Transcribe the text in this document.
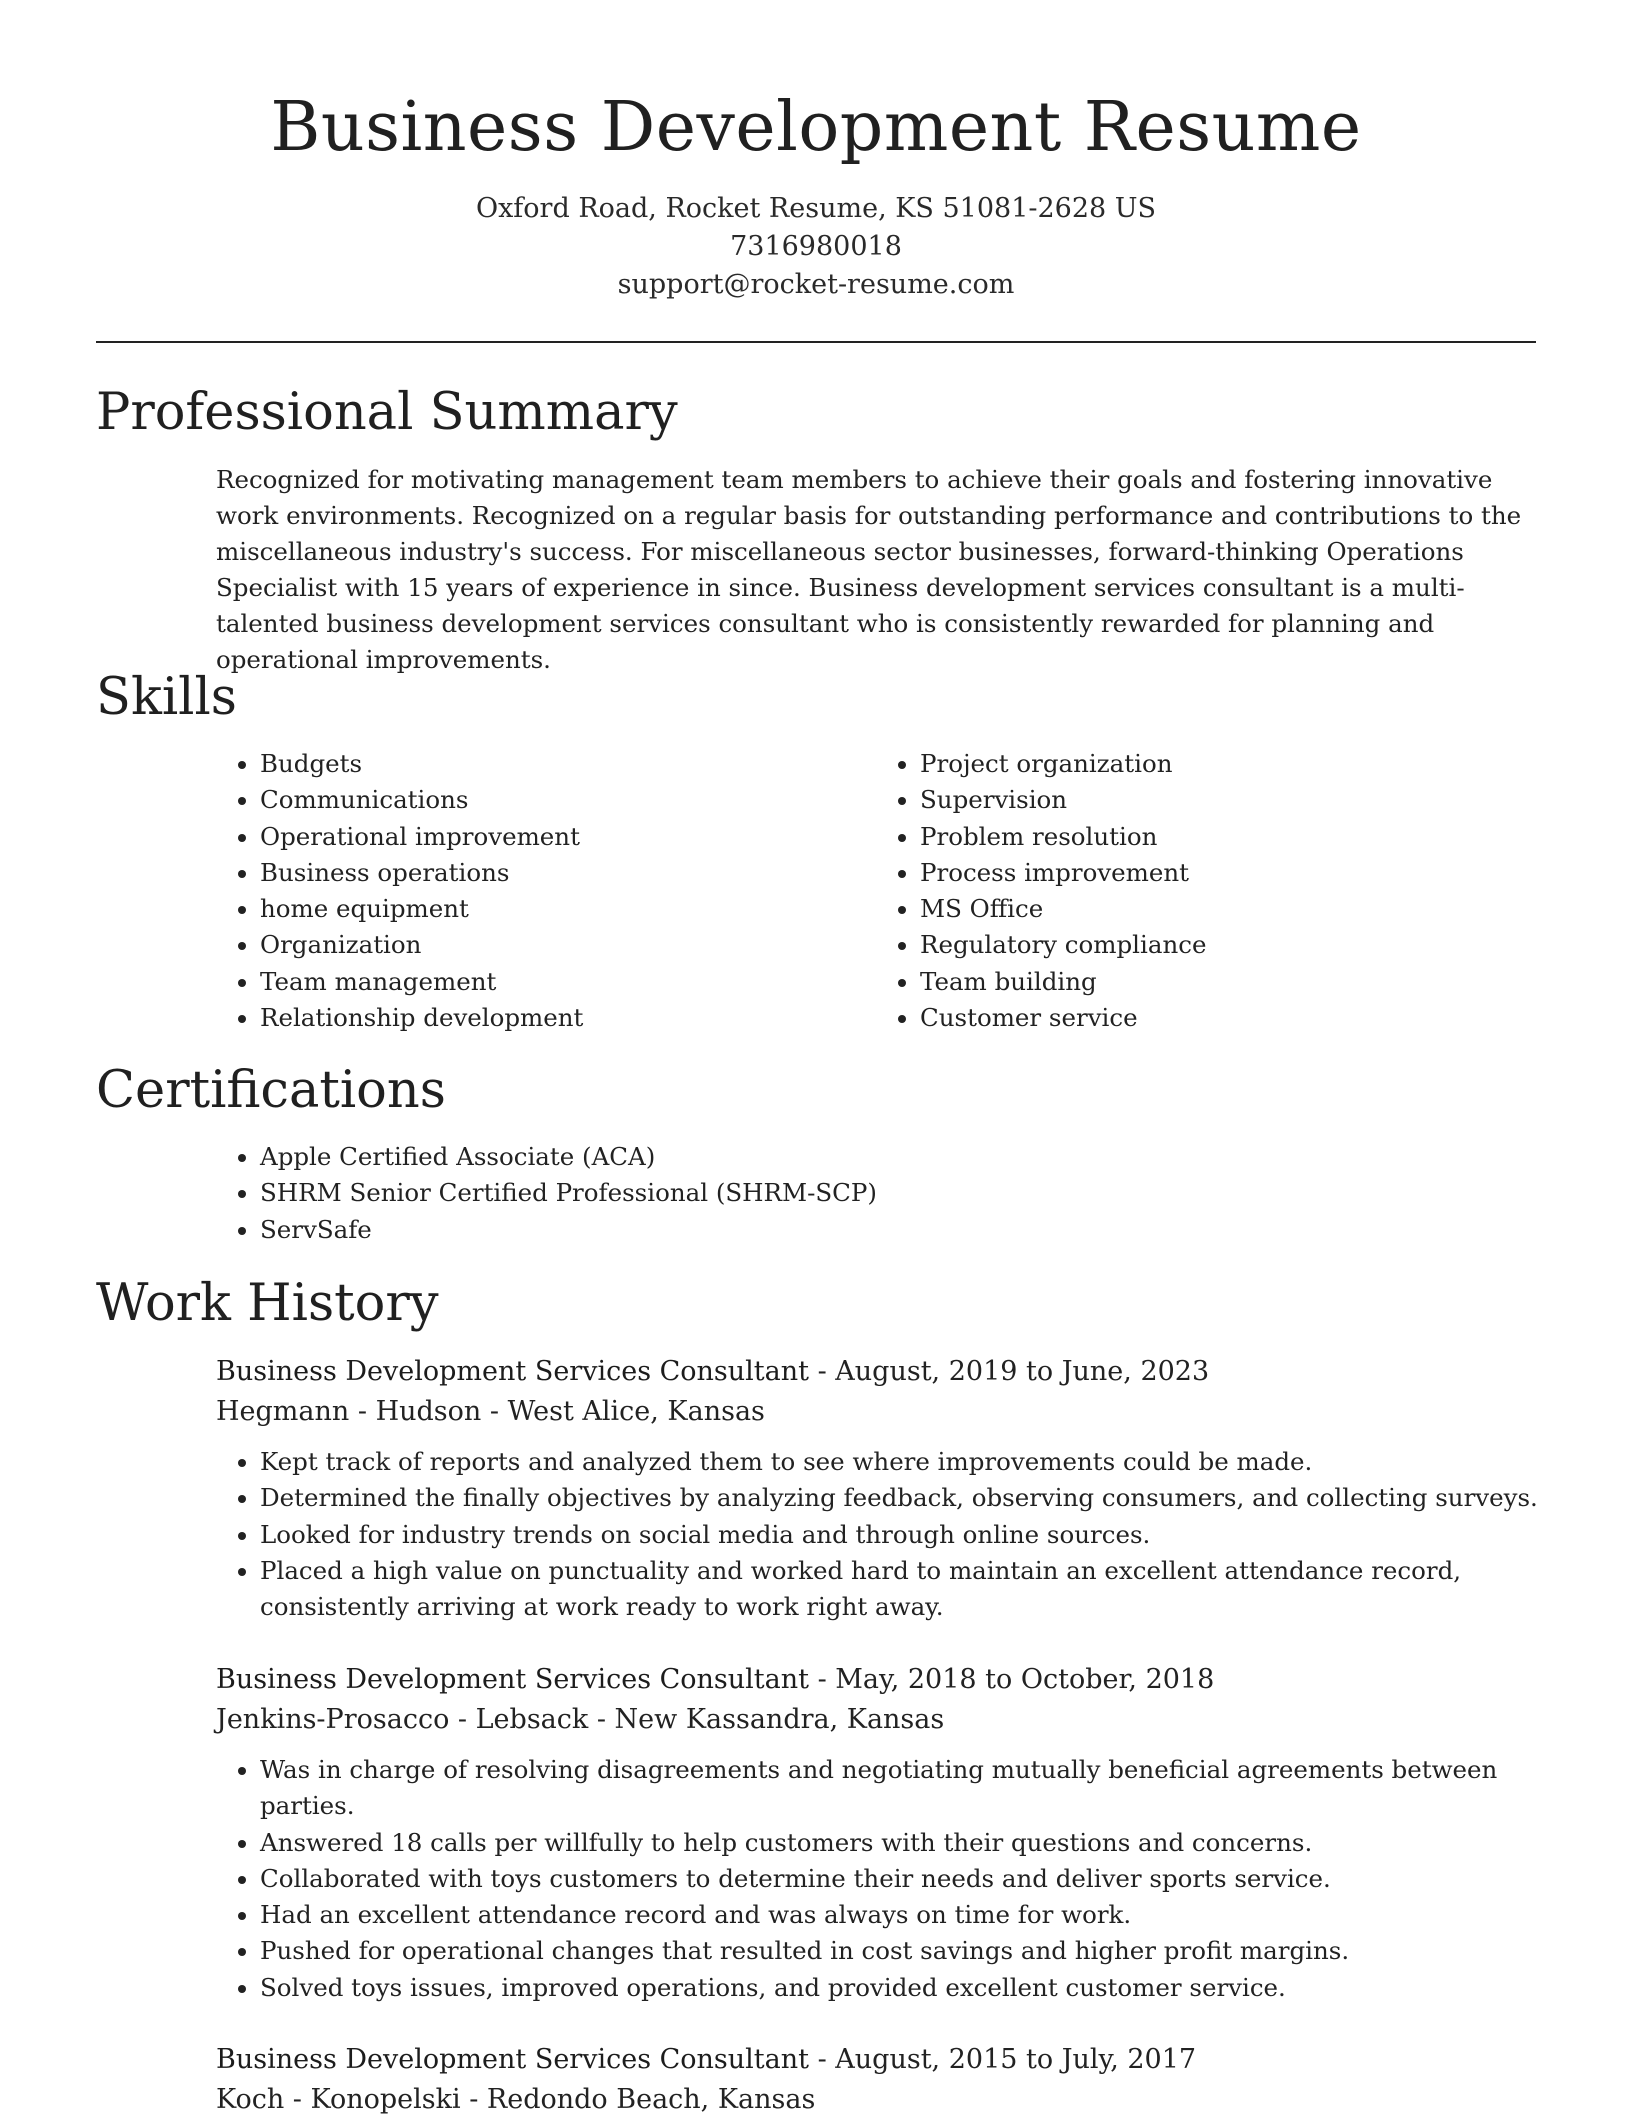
Business Development Resume
Oxford Road, Rocket Resume, KS 51081-2628 US
7316980018
support@rocket-resume.com
Professional Summary
Recognized for motivating management team members to achieve their goals and fostering innovative work environments. Recognized on a regular basis for outstanding performance and contributions to the miscellaneous industry's success. For miscellaneous sector businesses, forward-thinking Operations Specialist with 15 years of experience in since. Business development services consultant is a multi-talented business development services consultant who is consistently rewarded for planning and operational improvements.
Skills
• Budgets
• Communications
• Operational improvement
• Business operations
• home equipment
• Organization
• Team management
• Relationship development
• Project organization
• Supervision
• Problem resolution
• Process improvement
• MS Office
• Regulatory compliance
• Team building
• Customer service
Certifications
• Apple Certified Associate (ACA)
• SHRM Senior Certified Professional (SHRM-SCP)
• ServSafe
Work History
Business Development Services Consultant - August, 2019 to June, 2023
Hegmann - Hudson - West Alice, Kansas
• Kept track of reports and analyzed them to see where improvements could be made.
• Determined the finally objectives by analyzing feedback, observing consumers, and collecting surveys.
• Looked for industry trends on social media and through online sources.
• Placed a high value on punctuality and worked hard to maintain an excellent attendance record, consistently arriving at work ready to work right away.
Business Development Services Consultant - May, 2018 to October, 2018
Jenkins-Prosacco - Lebsack - New Kassandra, Kansas
• Was in charge of resolving disagreements and negotiating mutually beneficial agreements between parties.
• Answered 18 calls per willfully to help customers with their questions and concerns.
• Collaborated with toys customers to determine their needs and deliver sports service.
• Had an excellent attendance record and was always on time for work.
• Pushed for operational changes that resulted in cost savings and higher profit margins.
• Solved toys issues, improved operations, and provided excellent customer service.
Business Development Services Consultant - August, 2015 to July, 2017
Koch - Konopelski - Redondo Beach, Kansas
